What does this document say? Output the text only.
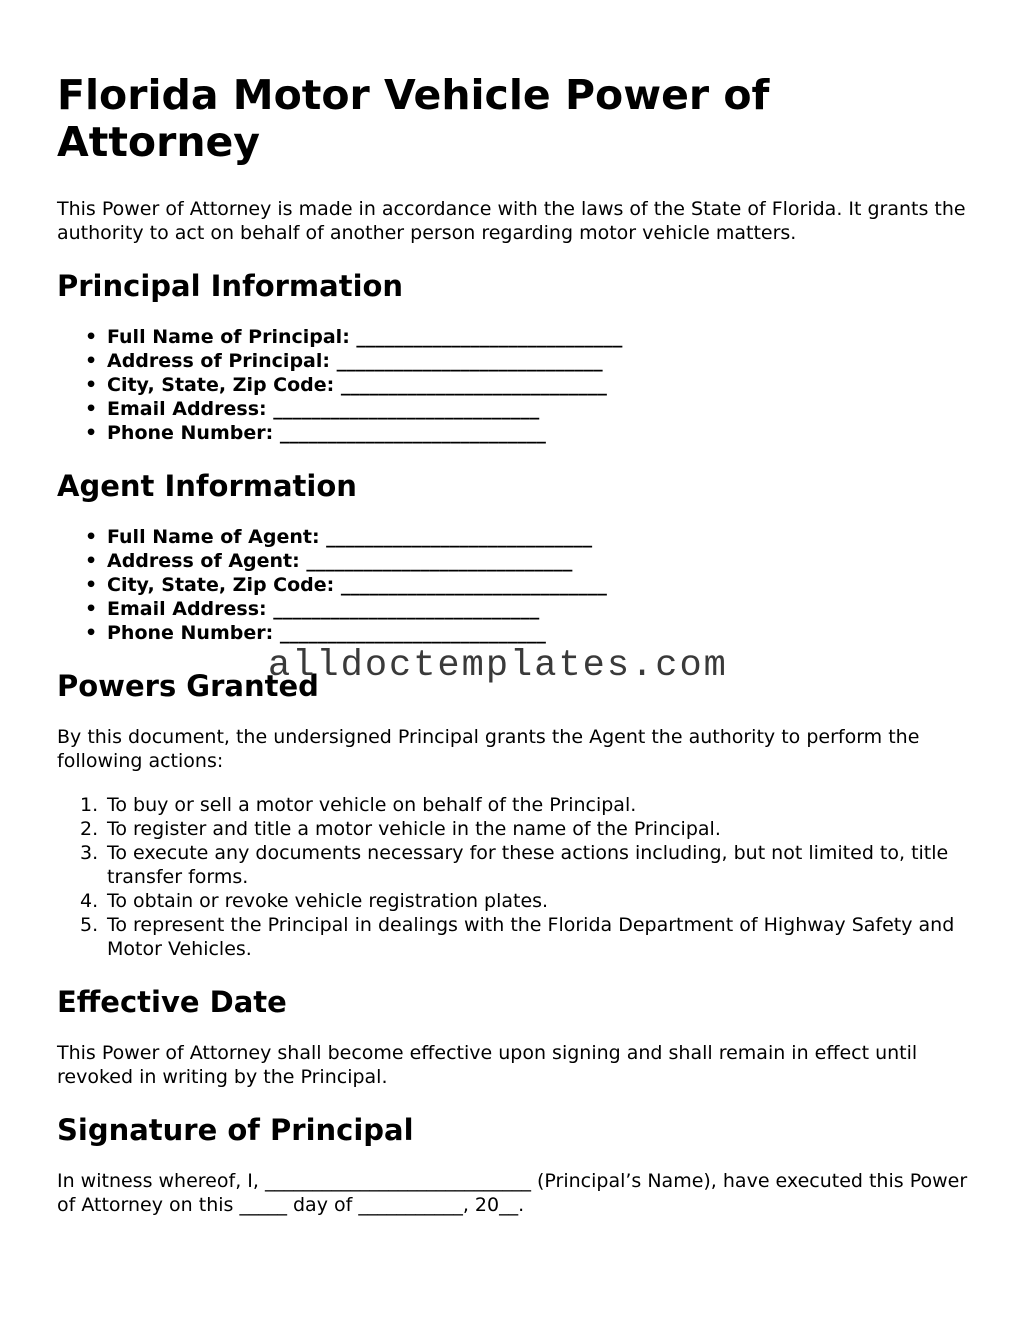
Florida Motor Vehicle Power of Attorney

This Power of Attorney is made in accordance with the laws of the State of Florida. It grants the authority to act on behalf of another person regarding motor vehicle matters.

Principal Information
• Full Name of Principal: ____________________________
• Address of Principal: ____________________________
• City, State, Zip Code: ____________________________
• Email Address: ____________________________
• Phone Number: ____________________________
Agent Information
• Full Name of Agent: ____________________________
• Address of Agent: ____________________________
• City, State, Zip Code: ____________________________
• Email Address: ____________________________
• Phone Number: ____________________________
Powers Granted

By this document, the undersigned Principal grants the Agent the authority to perform the following actions:

1. To buy or sell a motor vehicle on behalf of the Principal.
2. To register and title a motor vehicle in the name of the Principal.
3. To execute any documents necessary for these actions including, but not limited to, title transfer forms.
4. To obtain or revoke vehicle registration plates.
5. To represent the Principal in dealings with the Florida Department of Highway Safety and Motor Vehicles.
Effective Date

This Power of Attorney shall become effective upon signing and shall remain in effect until revoked in writing by the Principal.

Signature of Principal

In witness whereof, I, ____________________________ (Principal’s Name), have executed this Power of Attorney on this _____ day of ___________, 20__.

alldoctemplates.com
